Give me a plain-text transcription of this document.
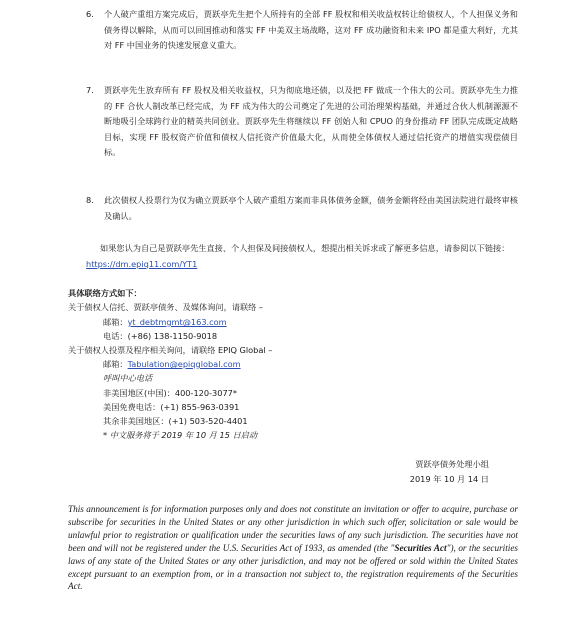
6.	个人破产重组方案完成后，贾跃亭先生把个人所持有的全部 FF 股权和相关收益权转让给债权人，个人担保义务和债务得以解除，从而可以回国推动和落实 FF 中美双主场战略，这对 FF 成功融资和未来 IPO 都是重大利好，尤其对 FF 中国业务的快速发展意义重大。
7.	贾跃亭先生放弃所有 FF 股权及相关收益权，只为彻底地还债，以及把 FF 做成一个伟大的公司。贾跃亭先生力推的 FF 合伙人制改革已经完成，为 FF 成为伟大的公司奠定了先进的公司治理架构基础，并通过合伙人机制源源不断地吸引全球跨行业的精英共同创业。贾跃亭先生将继续以 FF 创始人和 CPUO 的身份推动 FF 团队完成既定战略目标，实现 FF 股权资产价值和债权人信托资产价值最大化，从而使全体债权人通过信托资产的增值实现偿债目标。
8.	此次债权人投票行为仅为确立贾跃亭个人破产重组方案而非具体债务金额，债务金额将经由美国法院进行最终审核及确认。
如果您认为自己是贾跃亭先生直接、个人担保及间接债权人，想提出相关诉求或了解更多信息，请参阅以下链接：https://dm.epiq11.com/YT1
具体联络方式如下：
关于债权人信托、贾跃亭债务、及媒体询问，请联络 –
邮箱：yt_debtmgmt@163.com
电话：(+86) 138-1150-9018
关于债权人投票及程序相关询问，请联络 EPIQ Global –
邮箱：Tabulation@epiqglobal.com
呼叫中心电话
非美国地区(中国)：400-120-3077*
美国免费电话：(+1) 855-963-0391
其余非美国地区：(+1) 503-520-4401
* 中文服务将于 2019 年 10 月 15 日启动
贾跃亭债务处理小组
2019 年 10 月 14 日
This announcement is for information purposes only and does not constitute an invitation or offer to acquire, purchase or subscribe for securities in the United States or any other jurisdiction in which such offer, solicitation or sale would be unlawful prior to registration or qualification under the securities laws of any such jurisdiction. The securities have not been and will not be registered under the U.S. Securities Act of 1933, as amended (the "Securities Act"), or the securities laws of any state of the United States or any other jurisdiction, and may not be offered or sold within the United States except pursuant to an exemption from, or in a transaction not subject to, the registration requirements of the Securities Act.
